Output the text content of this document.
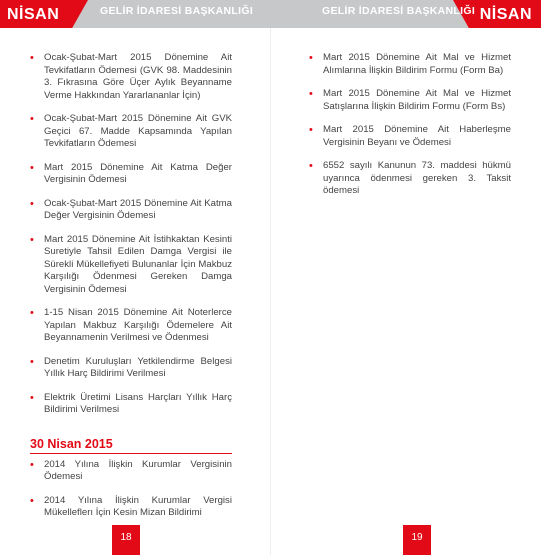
NİSAN	NİSAN
GELİR İDARESİ BAŞKANLIĞI	GELİR İDARESİ BAŞKANLIĞI
• Ocak-Şubat-Mart 2015 Dönemine Ait Tevkifatların Ödemesi (GVK 98. Maddesinin 3. Fıkrasına Göre Üçer Aylık Beyanname Verme Hakkından Yararlananlar İçin)
• Ocak-Şubat-Mart 2015 Dönemine Ait GVK Geçici 67. Madde Kapsamında Yapılan Tevkifatların Ödemesi
• Mart 2015 Dönemine Ait Katma Değer Vergisinin Ödemesi
• Ocak-Şubat-Mart 2015 Dönemine Ait Katma Değer Vergisinin Ödemesi
• Mart 2015 Dönemine Ait İstihkaktan Kesinti Suretiyle Tahsil Edilen Damga Vergisi ile Sürekli Mükellefiyeti Bulunanlar İçin Makbuz Karşılığı Ödenmesi Gereken Damga Vergisinin Ödemesi
• 1-15 Nisan 2015 Dönemine Ait Noterlerce Yapılan Makbuz Karşılığı Ödemelere Ait Beyannamenin Verilmesi ve Ödenmesi
• Denetim Kuruluşları Yetkilendirme Belgesi Yıllık Harç Bildirimi Verilmesi
• Elektrik Üretimi Lisans Harçları Yıllık Harç Bildirimi Verilmesi
30 Nisan 2015
• 2014 Yılına İlişkin Kurumlar Vergisinin Ödemesi
• 2014 Yılına İlişkin Kurumlar Vergisi Mükelleflerı İçin Kesin Mizan Bildirimi
• Mart 2015 Dönemine Ait Mal ve Hizmet Alımlarına İlişkin Bildirim Formu (Form Ba)
• Mart 2015 Dönemine Ait Mal ve Hizmet Satışlarına İlişkin Bildirim Formu (Form Bs)
• Mart 2015 Dönemine Ait Haberleşme Vergisinin Beyanı ve Ödemesi
• 6552 sayılı Kanunun 73. maddesi hükmü uyarınca ödenmesi gereken 3. Taksit ödemesi
18	19
